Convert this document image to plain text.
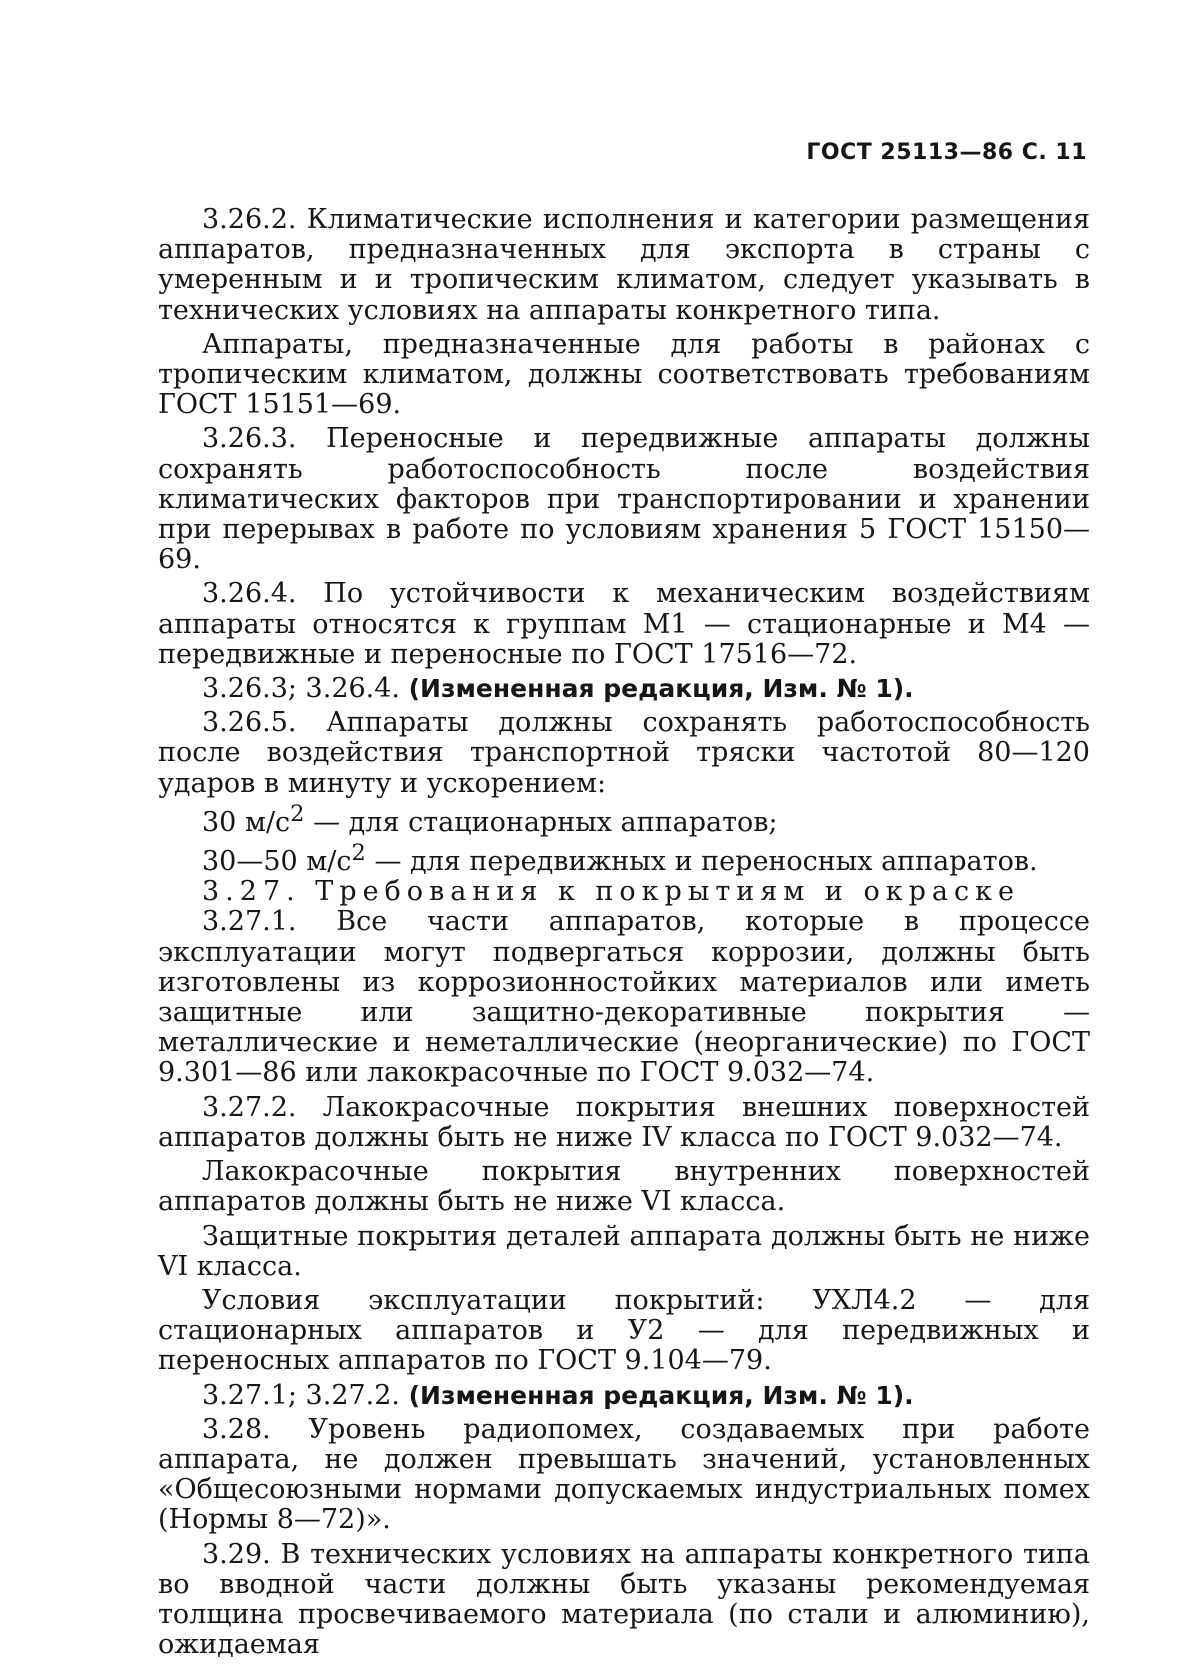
ГОСТ 25113—86 С. 11

3.26.2. Климатические исполнения и категории размещения аппаратов, предназначенных для экспорта в страны с умеренным и и тропическим климатом, следует указывать в технических условиях на аппараты конкретного типа.

Аппараты, предназначенные для работы в районах с тропическим климатом, должны соответствовать требованиям ГОСТ 15151—69.

3.26.3. Переносные и передвижные аппараты должны сохранять работоспособность после воздействия климатических факторов при транспортировании и хранении при перерывах в работе по условиям хранения 5 ГОСТ 15150—69.

3.26.4. По устойчивости к механическим воздействиям аппараты относятся к группам М1 — стационарные и М4 — передвижные и переносные по ГОСТ 17516—72.

3.26.3; 3.26.4. (Измененная редакция, Изм. № 1).

3.26.5. Аппараты должны сохранять работоспособность после воздействия транспортной тряски частотой 80—120 ударов в минуту и ускорением:

30 $м/с^2$ — для стационарных аппаратов;

30—50 $м/с^2$ — для передвижных и переносных аппаратов.

3.27. Требования к покрытиям и окраске

3.27.1. Все части аппаратов, которые в процессе эксплуатации могут подвергаться коррозии, должны быть изготовлены из коррозионностойких материалов или иметь защитные или защитно-декоративные покрытия — металлические и неметаллические (неорганические) по ГОСТ 9.301—86 или лакокрасочные по ГОСТ 9.032—74.

3.27.2. Лакокрасочные покрытия внешних поверхностей аппаратов должны быть не ниже IV класса по ГОСТ 9.032—74.

Лакокрасочные покрытия внутренних поверхностей аппаратов должны быть не ниже VI класса.

Защитные покрытия деталей аппарата должны быть не ниже VI класса.

Условия эксплуатации покрытий: УХЛ4.2 — для стационарных аппаратов и У2 — для передвижных и переносных аппаратов по ГОСТ 9.104—79.

3.27.1; 3.27.2. (Измененная редакция, Изм. № 1).

3.28. Уровень радиопомех, создаваемых при работе аппарата, не должен превышать значений, установленных «Общесоюзными нормами допускаемых индустриальных помех (Нормы 8—72)».

3.29. В технических условиях на аппараты конкретного типа во вводной части должны быть указаны рекомендуемая толщина просвечиваемого материала (по стали и алюминию), ожидаемая
